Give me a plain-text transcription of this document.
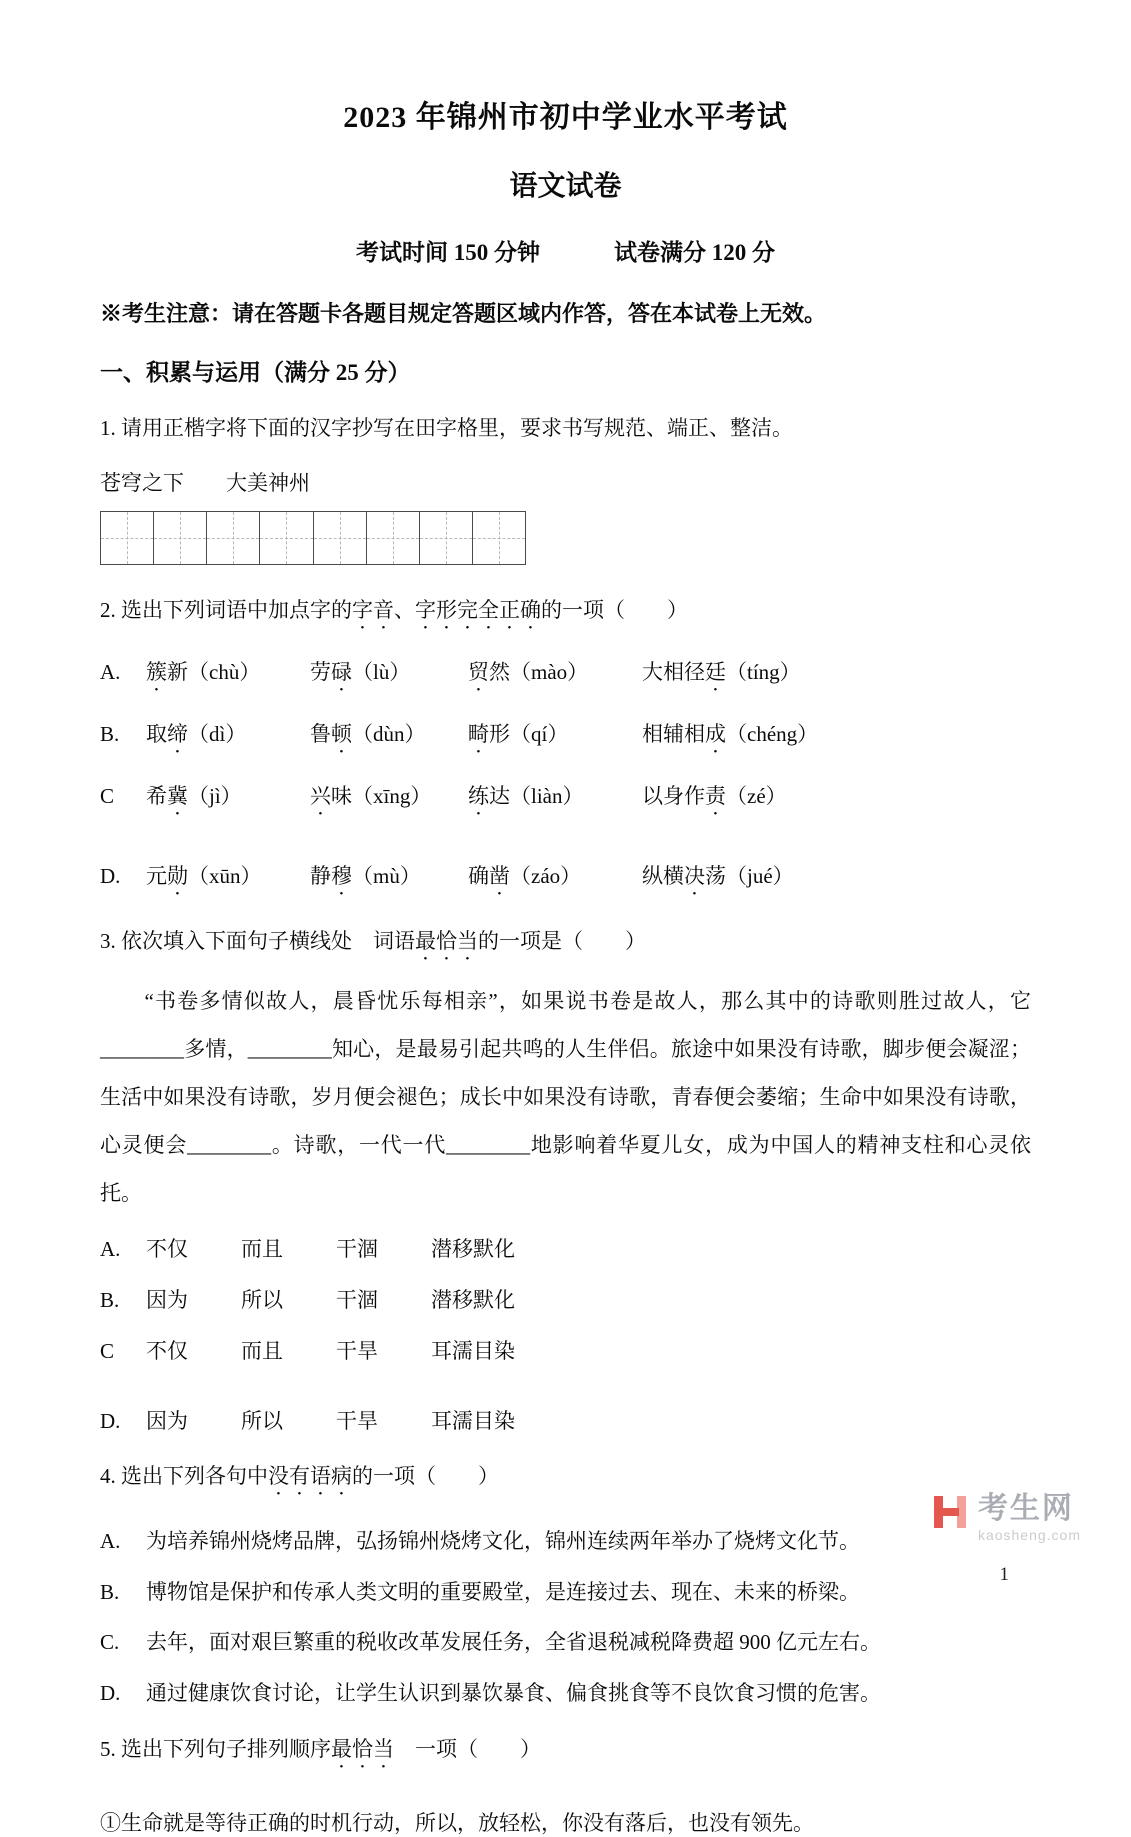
2023 年锦州市初中学业水平考试
语文试卷
考试时间 150 分钟	试卷满分 120 分

※考生注意：请在答题卡各题目规定答题区域内作答，答在本试卷上无效。

一、积累与运用（满分 25 分）

1. 请用正楷字将下面的汉字抄写在田字格里，要求书写规范、端正、整洁。

苍穹之下　　大美神州

2. 选出下列词语中加点字的字音、字形完全正确的一项（　　）

A.	簇新（chù）	劳碌（lù）	贸然（mào）	大相径廷（tíng）
B.	取缔（dì）	鲁顿（dùn）	畸形（qí）	相辅相成（chéng）
C	希冀（jì）	兴味（xīng）	练达（liàn）	以身作责（zé）
D.	元勋（xūn）	静穆（mù）	确凿（záo）	纵横决荡（jué）

3. 依次填入下面句子横线处　词语最恰当的一项是（　　）

　　“书卷多情似故人，晨昏忧乐每相亲”，如果说书卷是故人，那么其中的诗歌则胜过故人，它________多情，________知心，是最易引起共鸣的人生伴侣。旅途中如果没有诗歌，脚步便会凝涩；生活中如果没有诗歌，岁月便会褪色；成长中如果没有诗歌，青春便会萎缩；生命中如果没有诗歌，心灵便会________。诗歌，一代一代________地影响着华夏儿女，成为中国人的精神支柱和心灵依托。

A.	不仅	而且	干涸	潜移默化
B.	因为	所以	干涸	潜移默化
C	不仅	而且	干旱	耳濡目染
D.	因为	所以	干旱	耳濡目染

4. 选出下列各句中没有语病的一项（　　）

A.	为培养锦州烧烤品牌，弘扬锦州烧烤文化，锦州连续两年举办了烧烤文化节。
B.	博物馆是保护和传承人类文明的重要殿堂，是连接过去、现在、未来的桥梁。
C.	去年，面对艰巨繁重的税收改革发展任务，全省退税减税降费超 900 亿元左右。
D.	通过健康饮食讨论，让学生认识到暴饮暴食、偏食挑食等不良饮食习惯的危害。

5. 选出下列句子排列顺序最恰当　一项（　　）

①生命就是等待正确的时机行动，所以，放轻松，你没有落后，也没有领先。

考生网
kaosheng.com
1
